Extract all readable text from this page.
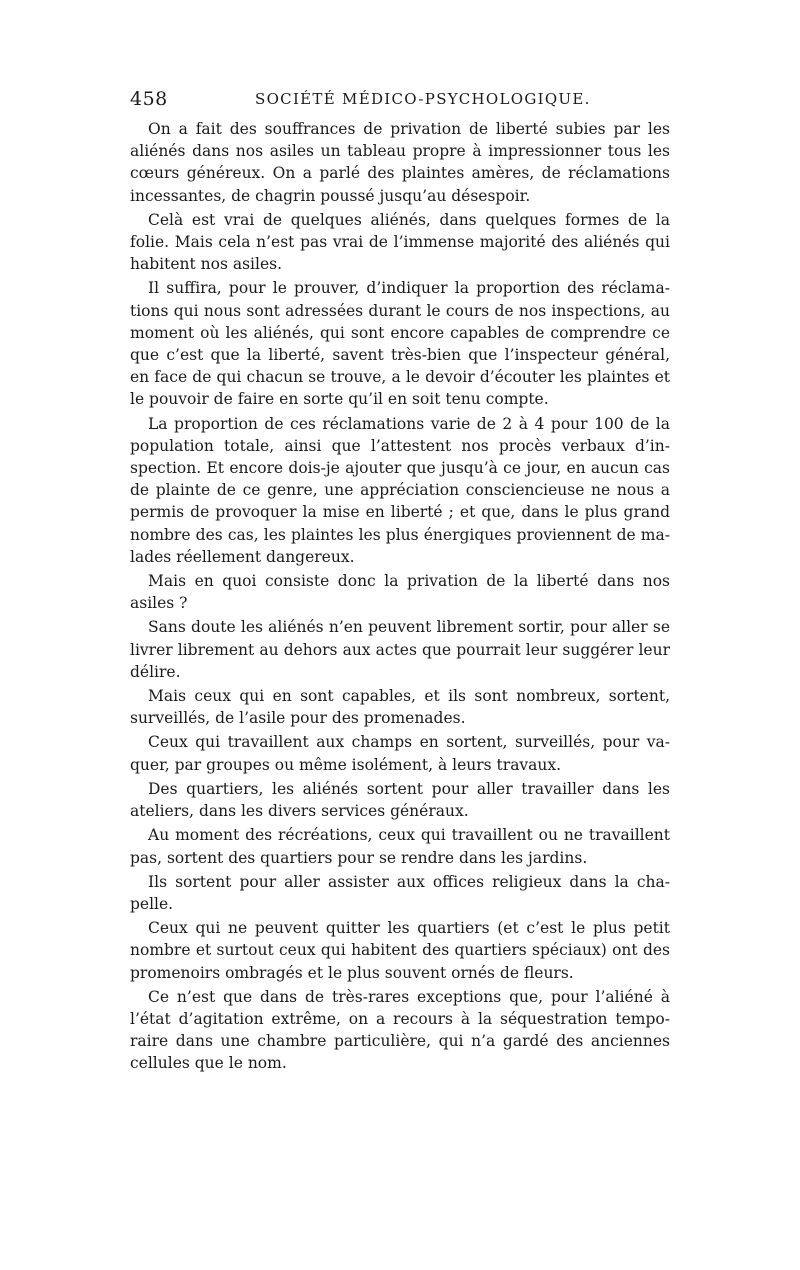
458	SOCIÉTÉ MÉDICO-PSYCHOLOGIQUE.

On a fait des souffrances de privation de liberté subies par les aliénés dans nos asiles un tableau propre à impressionner tous les cœurs généreux. On a parlé des plaintes amères, de réclamations incessantes, de chagrin poussé jusqu’au désespoir.

Celà est vrai de quelques aliénés, dans quelques formes de la folie. Mais cela n’est pas vrai de l’immense majorité des aliénés qui habitent nos asiles.

Il suffira, pour le prouver, d’indiquer la proportion des réclamations qui nous sont adressées durant le cours de nos inspections, au moment où les aliénés, qui sont encore capables de comprendre ce que c’est que la liberté, savent très-bien que l’inspecteur général, en face de qui chacun se trouve, a le devoir d’écouter les plaintes et le pouvoir de faire en sorte qu’il en soit tenu compte.

La proportion de ces réclamations varie de 2 à 4 pour 100 de la population totale, ainsi que l’attestent nos procès verbaux d’inspection. Et encore dois-je ajouter que jusqu’à ce jour, en aucun cas de plainte de ce genre, une appréciation consciencieuse ne nous a permis de provoquer la mise en liberté ; et que, dans le plus grand nombre des cas, les plaintes les plus énergiques proviennent de malades réellement dangereux.

Mais en quoi consiste donc la privation de la liberté dans nos asiles ?

Sans doute les aliénés n’en peuvent librement sortir, pour aller se livrer librement au dehors aux actes que pourrait leur suggérer leur délire.

Mais ceux qui en sont capables, et ils sont nombreux, sortent, surveillés, de l’asile pour des promenades.

Ceux qui travaillent aux champs en sortent, surveillés, pour vaquer, par groupes ou même isolément, à leurs travaux.

Des quartiers, les aliénés sortent pour aller travailler dans les ateliers, dans les divers services généraux.

Au moment des récréations, ceux qui travaillent ou ne travaillent pas, sortent des quartiers pour se rendre dans les jardins.

Ils sortent pour aller assister aux offices religieux dans la chapelle.

Ceux qui ne peuvent quitter les quartiers (et c’est le plus petit nombre et surtout ceux qui habitent des quartiers spéciaux) ont des promenoirs ombragés et le plus souvent ornés de fleurs.

Ce n’est que dans de très-rares exceptions que, pour l’aliéné à l’état d’agitation extrême, on a recours à la séquestration temporaire dans une chambre particulière, qui n’a gardé des anciennes cellules que le nom.
